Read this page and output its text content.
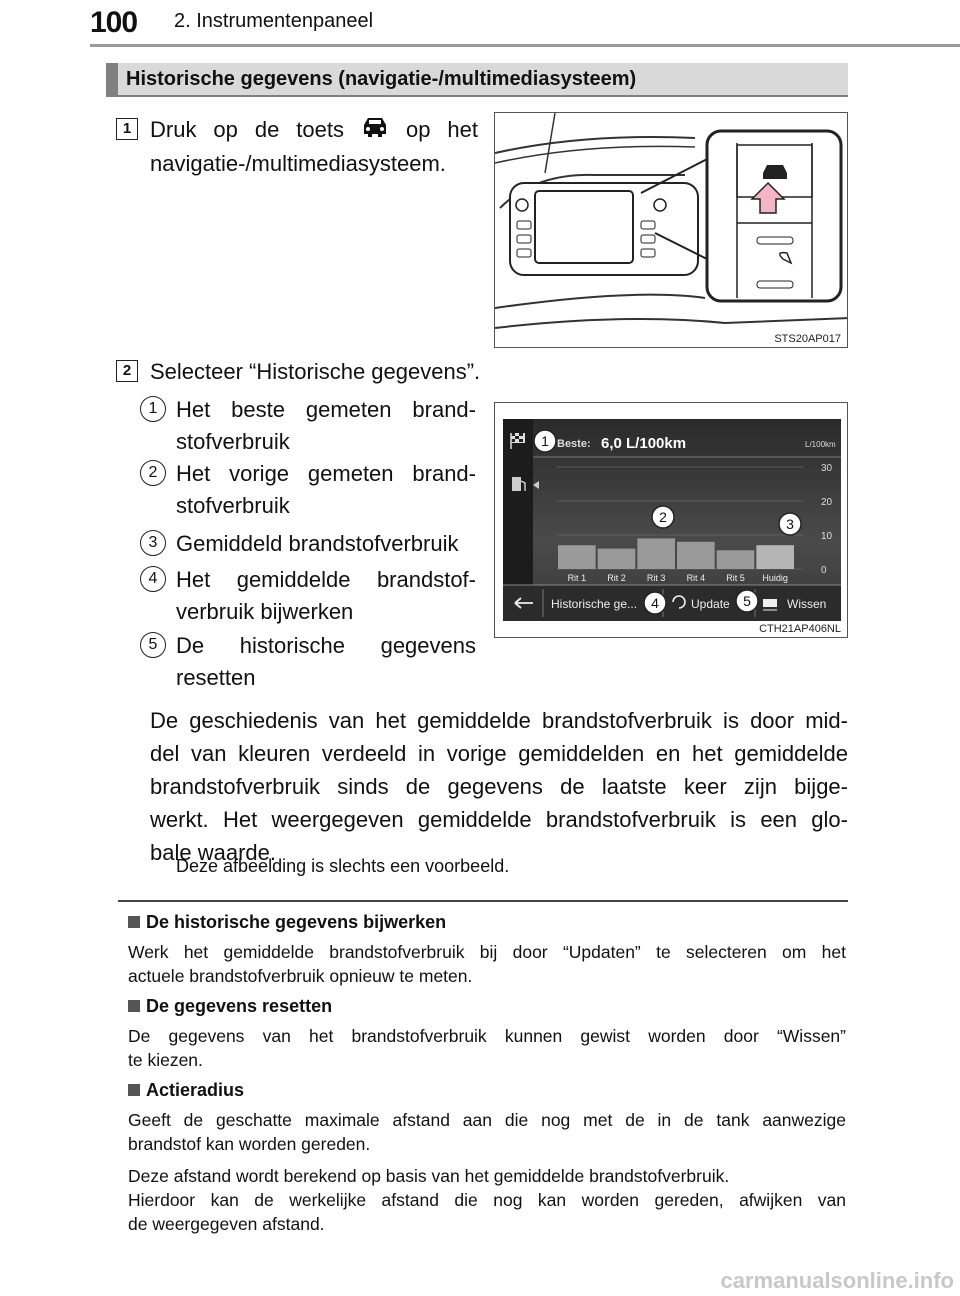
100 2. Instrumentenpaneel
Historische gegevens (navigatie-/multimediasysteem)
1 Druk op de toets	op het
navigatie-/multimediasysteem.
STS20AP017
2 Selecteer “Historische gegevens”.
1 Het beste gemeten brand-
stofverbruik
2 Het vorige gemeten brand-
stofverbruik
3 Gemiddeld brandstofverbruik
4 Het gemiddelde brandstof-
verbruik bijwerken
5 De historische gegevens
resetten
Beste: 6,0 L/100km	L/100km
30
20
10
0
Rit 1 Rit 2 Rit 3 Rit 4 Rit 5 Huidig
Historische ge...	Update	Wissen
1
2	3
4	5
CTH21AP406NL
De geschiedenis van het gemiddelde brandstofverbruik is door mid-
del van kleuren verdeeld in vorige gemiddelden en het gemiddelde
brandstofverbruik sinds de gegevens de laatste keer zijn bijge-
werkt. Het weergegeven gemiddelde brandstofverbruik is een glo-
bale waarde.
Deze afbeelding is slechts een voorbeeld.
De historische gegevens bijwerken
Werk het gemiddelde brandstofverbruik bij door “Updaten” te selecteren om het
actuele brandstofverbruik opnieuw te meten.
De gegevens resetten
De gegevens van het brandstofverbruik kunnen gewist worden door “Wissen”
te kiezen.
Actieradius
Geeft de geschatte maximale afstand aan die nog met de in de tank aanwezige
brandstof kan worden gereden.
Deze afstand wordt berekend op basis van het gemiddelde brandstofverbruik.

Hierdoor kan de werkelijke afstand die nog kan worden gereden, afwijken van
de weergegeven afstand.
carmanualsonline.info
